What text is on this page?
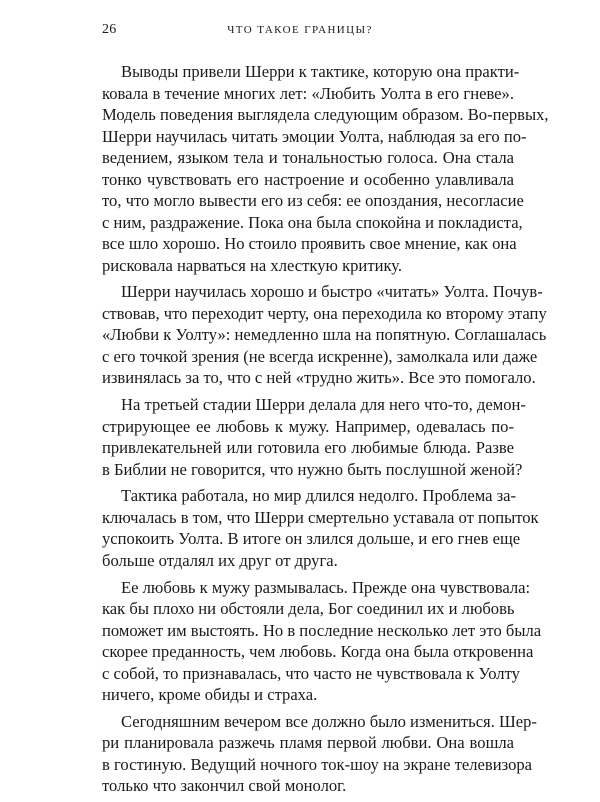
26	ЧТО ТАКОЕ ГРАНИЦЫ?

Выводы привели Шерри к тактике, которую она практи-
ковала в течение многих лет: «Любить Уолта в его гневе».
Модель поведения выглядела следующим образом. Во-первых,
Шерри научилась читать эмоции Уолта, наблюдая за его по-
ведением, языком тела и тональностью голоса. Она стала
тонко чувствовать его настроение и особенно улавливала
то, что могло вывести его из себя: ее опоздания, несогласие
с ним, раздражение. Пока она была спокойна и покладиста,
все шло хорошо. Но стоило проявить свое мнение, как она
рисковала нарваться на хлесткую критику.

Шерри научилась хорошо и быстро «читать» Уолта. Почув-
ствовав, что переходит черту, она переходила ко второму этапу
«Любви к Уолту»: немедленно шла на попятную. Соглашалась
с его точкой зрения (не всегда искренне), замолкала или даже
извинялась за то, что с ней «трудно жить». Все это помогало.

На третьей стадии Шерри делала для него что-то, демон-
стрирующее ее любовь к мужу. Например, одевалась по-
привлекательней или готовила его любимые блюда. Разве
в Библии не говорится, что нужно быть послушной женой?

Тактика работала, но мир длился недолго. Проблема за-
ключалась в том, что Шерри смертельно уставала от попыток
успокоить Уолта. В итоге он злился дольше, и его гнев еще
больше отдалял их друг от друга.

Ее любовь к мужу размывалась. Прежде она чувствовала:
как бы плохо ни обстояли дела, Бог соединил их и любовь
поможет им выстоять. Но в последние несколько лет это была
скорее преданность, чем любовь. Когда она была откровенна
с собой, то признавалась, что часто не чувствовала к Уолту
ничего, кроме обиды и страха.

Сегодняшним вечером все должно было измениться. Шер-
ри планировала разжечь пламя первой любви. Она вошла
в гостиную. Ведущий ночного ток-шоу на экране телевизора
только что закончил свой монолог.
